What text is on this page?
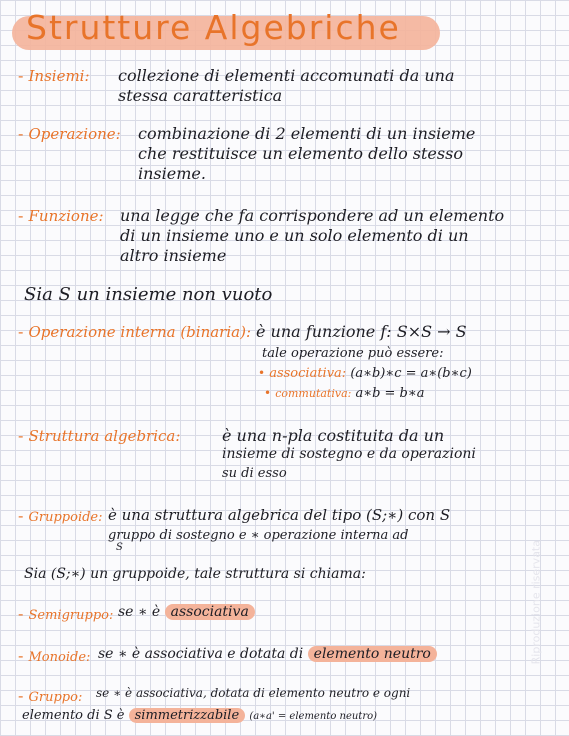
Strutture Algebriche
- Insiemi: collezione di elementi accomunati da una
stessa caratteristica
- Operazione: combinazione di 2 elementi di un insieme
che restituisce un elemento dello stesso
insieme.
- Funzione: una legge che fa corrispondere ad un elemento
di un insieme uno e un solo elemento di un
altro insieme
Sia S un insieme non vuoto
- Operazione interna (binaria): è una funzione f: S×S → S
tale operazione può essere:
• associativa: (a∗b)∗c = a∗(b∗c)
• commutativa: a∗b = b∗a
- Struttura algebrica:	è una n-pla costituita da un
insieme di sostegno e da operazioni
su di esso
- Gruppoide: è una struttura algebrica del tipo (S;∗) con S
gruppo di sostegno e ∗ operazione interna ad
S
Sia (S;∗) un gruppoide, tale struttura si chiama:
- Semigruppo: se ∗ è associativa
- Monoide: se ∗ è associativa e dotata di elemento neutro
- Gruppo: se ∗ è associativa, dotata di elemento neutro e ogni
elemento di S è simmetrizzabile (a∗a' = elemento neutro)
Riproduzione riservata
